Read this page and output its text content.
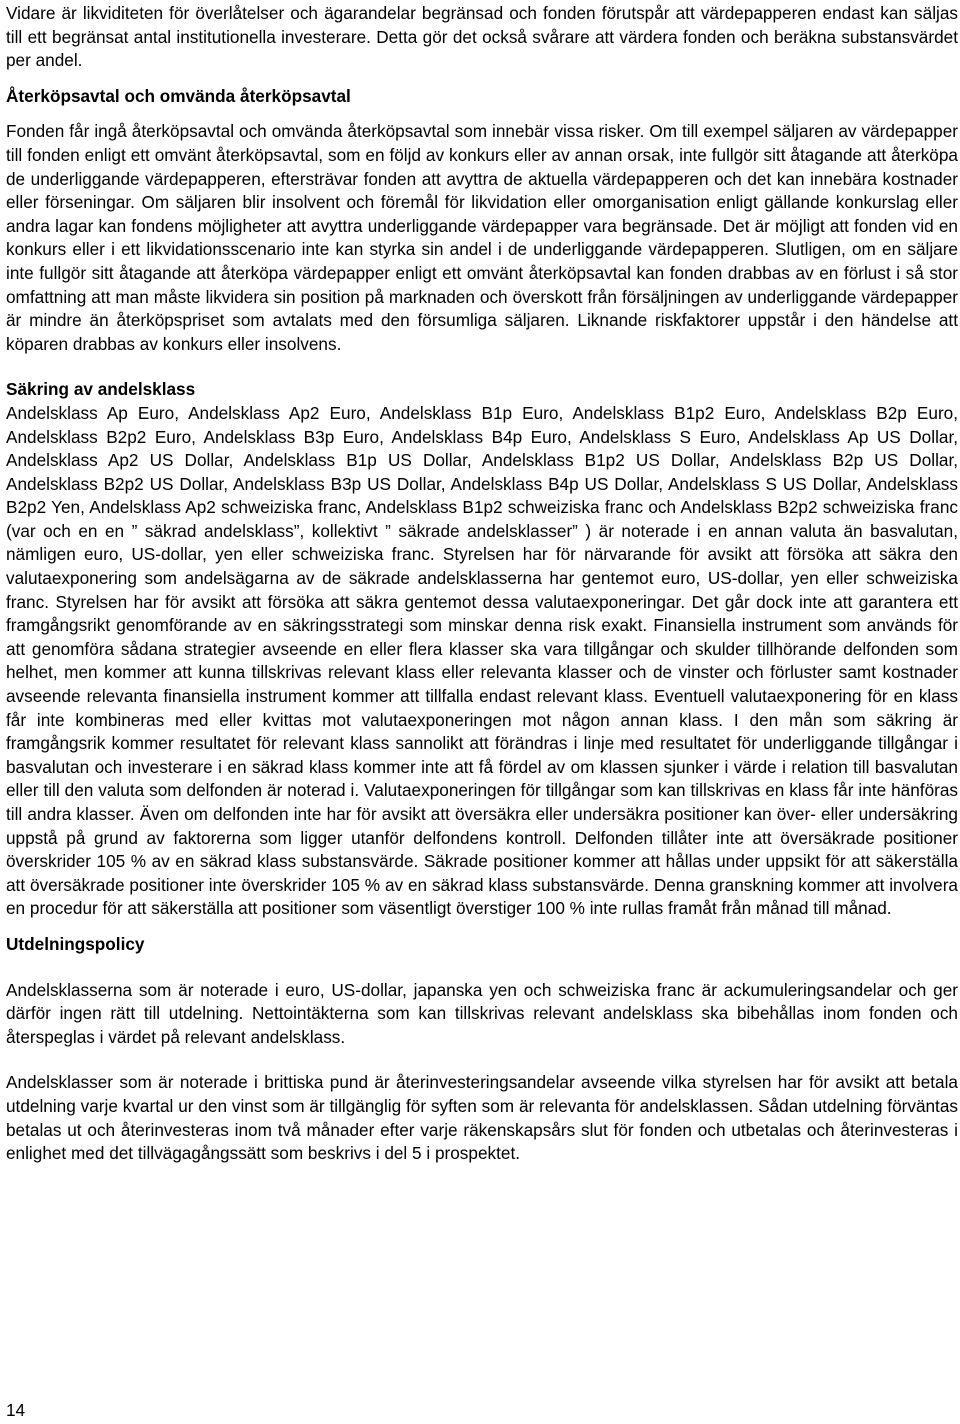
Vidare är likviditeten för överlåtelser och ägarandelar begränsad och fonden förutspår att värdepapperen endast kan säljas till ett begränsat antal institutionella investerare. Detta gör det också svårare att värdera fonden och beräkna substansvärdet per andel.

Återköpsavtal och omvända återköpsavtal

Fonden får ingå återköpsavtal och omvända återköpsavtal som innebär vissa risker. Om till exempel säljaren av värdepapper till fonden enligt ett omvänt återköpsavtal, som en följd av konkurs eller av annan orsak, inte fullgör sitt åtagande att återköpa de underliggande värdepapperen, eftersträvar fonden att avyttra de aktuella värdepapperen och det kan innebära kostnader eller förseningar. Om säljaren blir insolvent och föremål för likvidation eller omorganisation enligt gällande konkurslag eller andra lagar kan fondens möjligheter att avyttra underliggande värdepapper vara begränsade. Det är möjligt att fonden vid en konkurs eller i ett likvidationsscenario inte kan styrka sin andel i de underliggande värdepapperen. Slutligen, om en säljare inte fullgör sitt åtagande att återköpa värdepapper enligt ett omvänt återköpsavtal kan fonden drabbas av en förlust i så stor omfattning att man måste likvidera sin position på marknaden och överskott från försäljningen av underliggande värdepapper är mindre än återköpspriset som avtalats med den försumliga säljaren. Liknande riskfaktorer uppstår i den händelse att köparen drabbas av konkurs eller insolvens.

Säkring av andelsklass

Andelsklass Ap Euro, Andelsklass Ap2 Euro, Andelsklass B1p Euro, Andelsklass B1p2 Euro, Andelsklass B2p Euro, Andelsklass B2p2 Euro, Andelsklass B3p Euro, Andelsklass B4p Euro, Andelsklass S Euro, Andelsklass Ap US Dollar, Andelsklass Ap2 US Dollar, Andelsklass B1p US Dollar, Andelsklass B1p2 US Dollar, Andelsklass B2p US Dollar, Andelsklass B2p2 US Dollar, Andelsklass B3p US Dollar, Andelsklass B4p US Dollar, Andelsklass S US Dollar, Andelsklass B2p2 Yen, Andelsklass Ap2 schweiziska franc, Andelsklass B1p2 schweiziska franc och Andelsklass B2p2 schweiziska franc (var och en en ” säkrad andelsklass”, kollektivt ” säkrade andelsklasser” ) är noterade i en annan valuta än basvalutan, nämligen euro, US-dollar, yen eller schweiziska franc. Styrelsen har för närvarande för avsikt att försöka att säkra den valutaexponering som andelsägarna av de säkrade andelsklasserna har gentemot euro, US-dollar, yen eller schweiziska franc. Styrelsen har för avsikt att försöka att säkra gentemot dessa valutaexponeringar. Det går dock inte att garantera ett framgångsrikt genomförande av en säkringsstrategi som minskar denna risk exakt. Finansiella instrument som används för att genomföra sådana strategier avseende en eller flera klasser ska vara tillgångar och skulder tillhörande delfonden som helhet, men kommer att kunna tillskrivas relevant klass eller relevanta klasser och de vinster och förluster samt kostnader avseende relevanta finansiella instrument kommer att tillfalla endast relevant klass. Eventuell valutaexponering för en klass får inte kombineras med eller kvittas mot valutaexponeringen mot någon annan klass. I den mån som säkring är framgångsrik kommer resultatet för relevant klass sannolikt att förändras i linje med resultatet för underliggande tillgångar i basvalutan och investerare i en säkrad klass kommer inte att få fördel av om klassen sjunker i värde i relation till basvalutan eller till den valuta som delfonden är noterad i. Valutaexponeringen för tillgångar som kan tillskrivas en klass får inte hänföras till andra klasser. Även om delfonden inte har för avsikt att översäkra eller undersäkra positioner kan över- eller undersäkring uppstå på grund av faktorerna som ligger utanför delfondens kontroll. Delfonden tillåter inte att översäkrade positioner överskrider 105 % av en säkrad klass substansvärde. Säkrade positioner kommer att hållas under uppsikt för att säkerställa att översäkrade positioner inte överskrider 105 % av en säkrad klass substansvärde. Denna granskning kommer att involvera en procedur för att säkerställa att positioner som väsentligt överstiger 100 % inte rullas framåt från månad till månad.

Utdelningspolicy

Andelsklasserna som är noterade i euro, US-dollar, japanska yen och schweiziska franc är ackumuleringsandelar och ger därför ingen rätt till utdelning. Nettointäkterna som kan tillskrivas relevant andelsklass ska bibehållas inom fonden och återspeglas i värdet på relevant andelsklass.

Andelsklasser som är noterade i brittiska pund är återinvesteringsandelar avseende vilka styrelsen har för avsikt att betala utdelning varje kvartal ur den vinst som är tillgänglig för syften som är relevanta för andelsklassen. Sådan utdelning förväntas betalas ut och återinvesteras inom två månader efter varje räkenskapsårs slut för fonden och utbetalas och återinvesteras i enlighet med det tillvägagångssätt som beskrivs i del 5 i prospektet.

14
